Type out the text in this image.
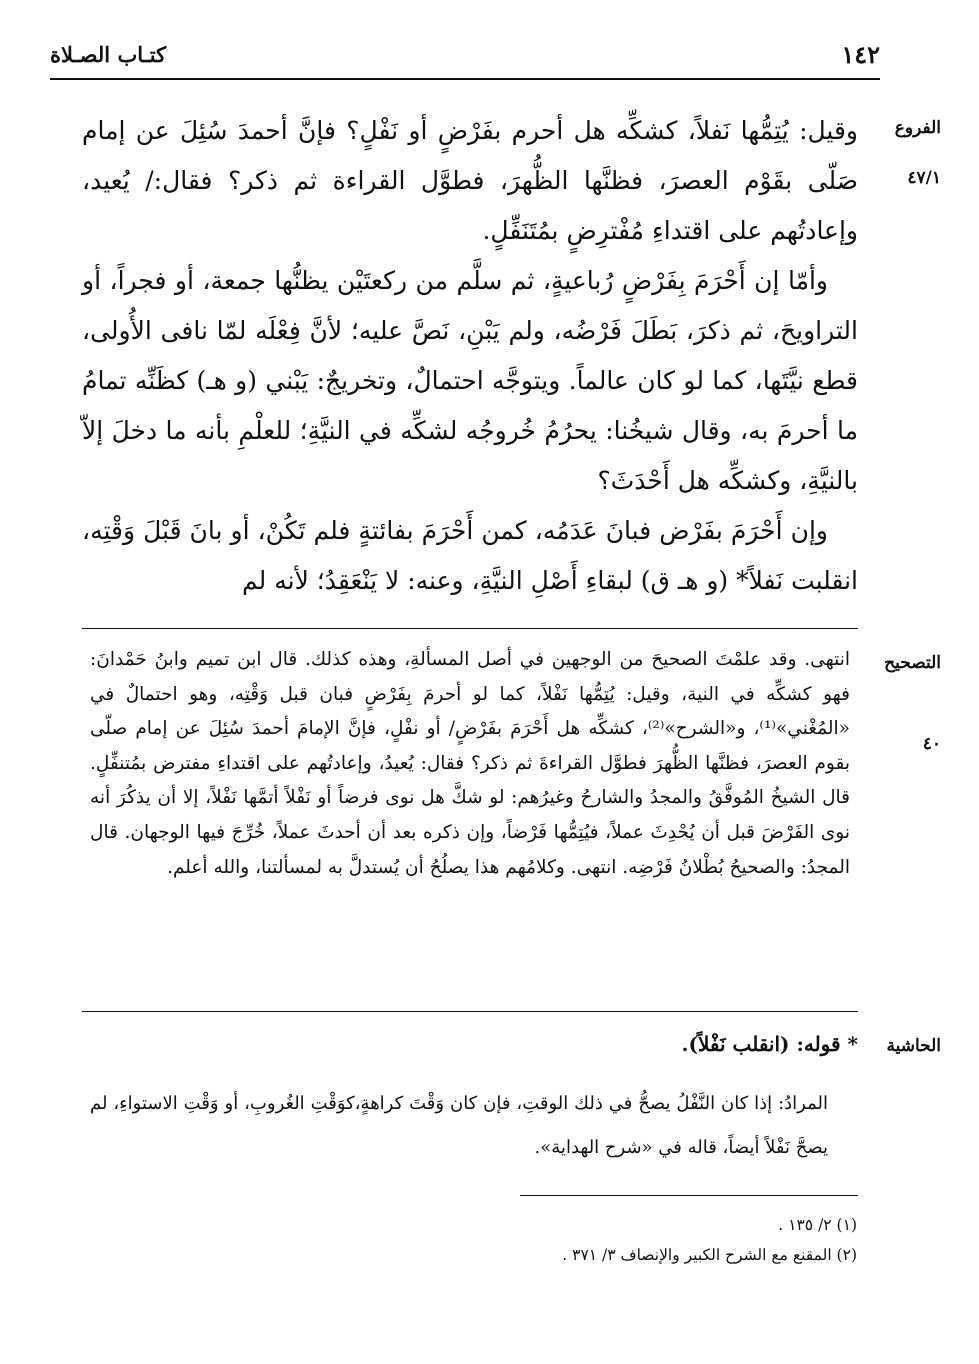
١٤٢
كتـاب الصـلاة
الفروع
٤٧/١

وقيل: يُتِمُّها نَفلاً، كشكِّه هل أحرم بفَرْضٍ أو نَفْلٍ؟ فإنَّ أحمدَ سُئِلَ عن إمام صَلّى بقَوْم العصرَ، فظنَّها الظُّهرَ، فطوَّل القراءة ثم ذكر؟ فقال:/ يُعيد، وإعادتُهم على اقتداءِ مُفْترِضٍ بمُتَنَفِّلٍ.

وأمّا إن أَحْرَمَ بِفَرْضٍ رُباعيةٍ، ثم سلَّم من ركعتَيْن يظنُّها جمعة، أو فجراً، أو التراويحَ، ثم ذكرَ، بَطَلَ فَرْضُه، ولم يَبْنِ، نَصَّ عليه؛ لأنَّ فِعْلَه لمّا نافى الأُولى، قطع نيَّتَها، كما لو كان عالماً. ويتوجَّه احتمالٌ، وتخريجٌ: يَبْني (و هـ) كظَنِّه تمامُ ما أحرمَ به، وقال شيخُنا: يحرُمُ خُروجُه لشكِّه في النيَّةِ؛ للعلْمِ بأنه ما دخلَ إلاّ بالنيَّةِ، وكشكِّه هل أَحْدَثَ؟

وإن أَحْرَمَ بفَرْض فبانَ عَدَمُه، كمن أَحْرَمَ بفائتةٍ فلم تَكُنْ، أو بانَ قَبْلَ وَقْتِه، انقلبت نَفلاً* (و هـ ق) لبقاءِ أَصْلِ النيَّةِ، وعنه: لا يَنْعَقِدُ؛ لأنه لم

التصحيح
٤٠
انتهى. وقد علمْتَ الصحيحَ من الوجهين في أصل المسألةِ، وهذه كذلك. قال ابن تميم وابنُ حَمْدانَ: فهو كشكِّه في النية، وقيل: يُتِمُّها نَفْلاً، كما لو أحرمَ بِفَرْضٍ فبان قبل وَقْتِه، وهو احتمالٌ في «المُغْني»⁽¹⁾، و«الشرح»⁽²⁾، كشكِّه هل أَحْرَمَ بفَرْضٍ/ أو نفْلٍ، فإنَّ الإمامَ أحمدَ سُئِلَ عن إمام صلّى بقوم العصرَ، فظنَّها الظُّهرَ فطوَّل القراءةَ ثم ذكر؟ فقال: يُعيدُ، وإعادتُهم على اقتداءِ مفترض بمُتنفِّلٍ. قال الشيخُ المُوفَّقُ والمجدُ والشارحُ وغيرُهم: لو شكَّ هل نوى فرضاً أو نَفْلاً أتمَّها نَفْلاً، إلا أن يذكُرَ أنه نوى الفَرْضَ قبل أن يُحْدِثَ عملاً، فيُتِمُّها فَرْضاً، وإن ذكره بعد أن أحدثَ عملاً، خُرِّجَ فيها الوجهان. قال المجدُ: والصحيحُ بُطْلانُ فَرْضِه. انتهى. وكلامُهم هذا يصلُحُ أن يُستدلَّ به لمسألتنا، والله أعلم.
الحاشية
* قوله: (انقلب نَفْلاً).
المرادُ: إذا كان النَّفْلُ يصحُّ في ذلك الوقتِ، فإن كان وَقْتَ كراهةٍ،كوَقْتِ الغُروبِ، أو وَقْتِ الاستواءِ، لم يصحَّ نَفْلاً أيضاً، قاله في «شرح الهداية».
(١) ٢/ ١٣٥ .
(٢) المقنع مع الشرح الكبير والإنصاف ٣/ ٣٧١ .
